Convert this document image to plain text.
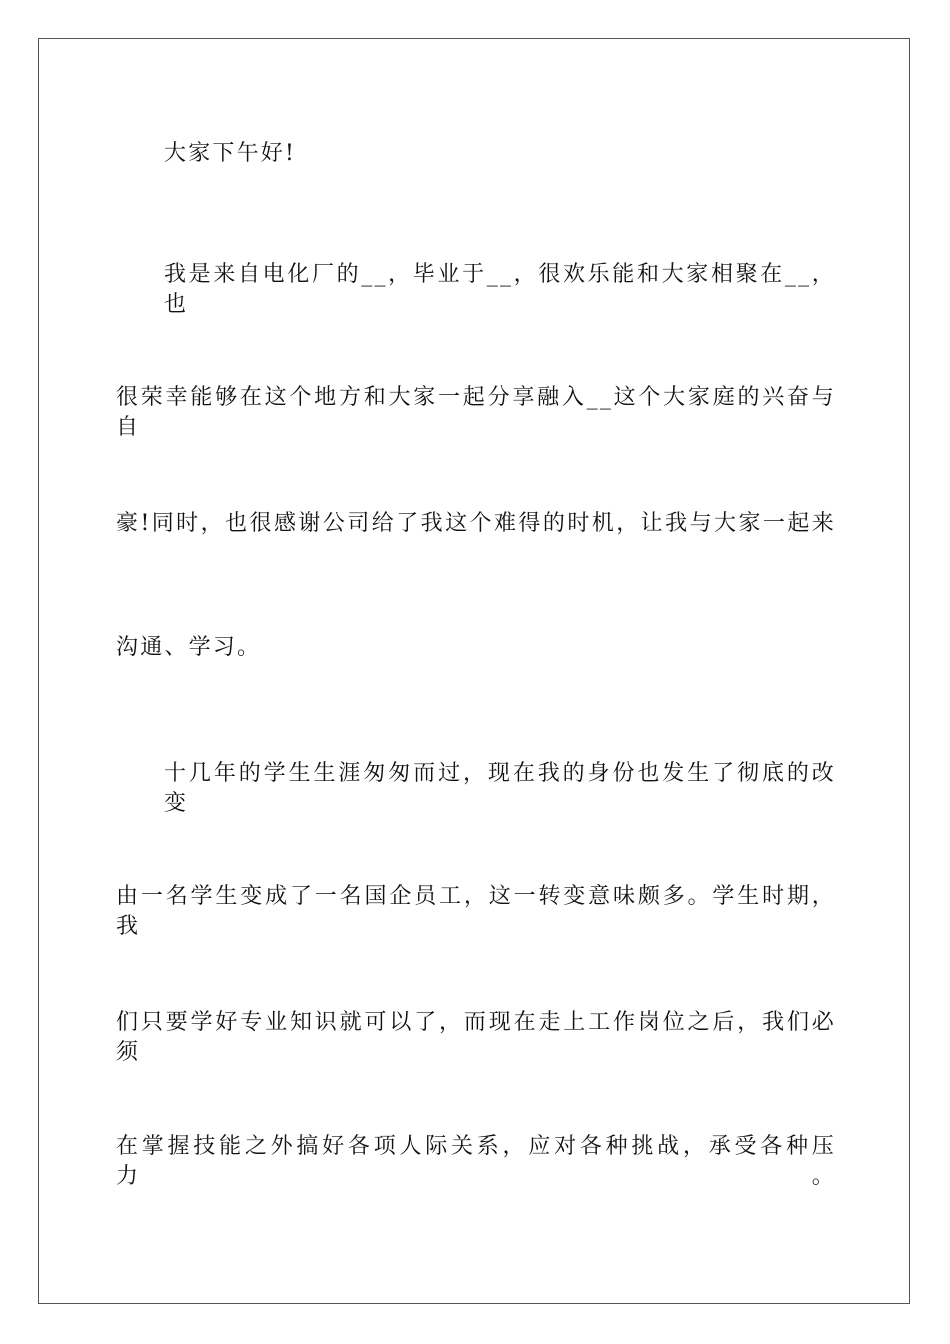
大家下午好!
我是来自电化厂的__，毕业于__，很欢乐能和大家相聚在__，也
很荣幸能够在这个地方和大家一起分享融入__这个大家庭的兴奋与自
豪!同时，也很感谢公司给了我这个难得的时机，让我与大家一起来
沟通、学习。
十几年的学生生涯匆匆而过，现在我的身份也发生了彻底的改变
由一名学生变成了一名国企员工，这一转变意味颇多。学生时期，我
们只要学好专业知识就可以了，而现在走上工作岗位之后，我们必须
在掌握技能之外搞好各项人际关系，应对各种挑战，承受各种压力。
